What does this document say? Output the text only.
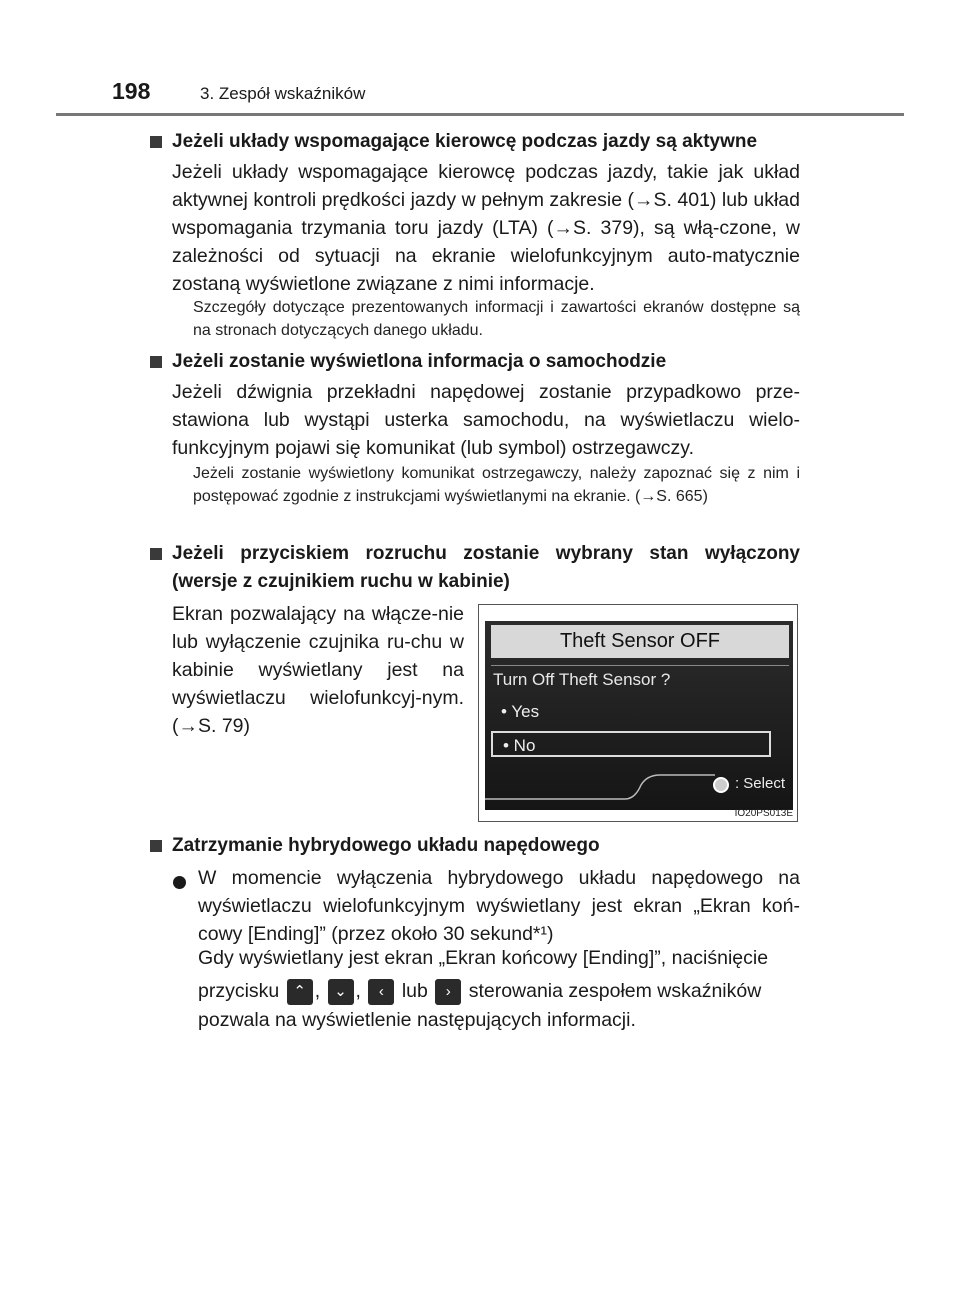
198	3. Zespół wskaźników
Jeżeli układy wspomagające kierowcę podczas jazdy są aktywne
Jeżeli układy wspomagające kierowcę podczas jazdy, takie jak układ aktywnej kontroli prędkości jazdy w pełnym zakresie (→S. 401) lub układ wspomagania trzymania toru jazdy (LTA) (→S. 379), są włą-czone, w zależności od sytuacji na ekranie wielofunkcyjnym auto-matycznie zostaną wyświetlone związane z nimi informacje.
Szczegóły dotyczące prezentowanych informacji i zawartości ekranów dostępne są na stronach dotyczących danego układu.
Jeżeli zostanie wyświetlona informacja o samochodzie
Jeżeli dźwignia przekładni napędowej zostanie przypadkowo prze-stawiona lub wystąpi usterka samochodu, na wyświetlaczu wielo-funkcyjnym pojawi się komunikat (lub symbol) ostrzegawczy.
Jeżeli zostanie wyświetlony komunikat ostrzegawczy, należy zapoznać się z nim i postępować zgodnie z instrukcjami wyświetlanymi na ekranie. (→S. 665)
Jeżeli przyciskiem rozruchu zostanie wybrany stan wyłączony (wersje z czujnikiem ruchu w kabinie)
Ekran pozwalający na włącze-nie lub wyłączenie czujnika ru-chu w kabinie wyświetlany jest na wyświetlaczu wielofunkcyj-nym. (→S. 79)
Theft Sensor OFF
Turn Off Theft Sensor ?
• Yes
• No
: Select
IO20PS013E
Zatrzymanie hybrydowego układu napędowego
W momencie wyłączenia hybrydowego układu napędowego na wyświetlaczu wielofunkcyjnym wyświetlany jest ekran „Ekran koń-cowy [Ending]” (przez około 30 sekund*¹)
Gdy wyświetlany jest ekran „Ekran końcowy [Ending]”, naciśnięcie
przycisku ⌃ , ⌄ , ‹ lub › sterowania zespołem wskaźników
pozwala na wyświetlenie następujących informacji.
